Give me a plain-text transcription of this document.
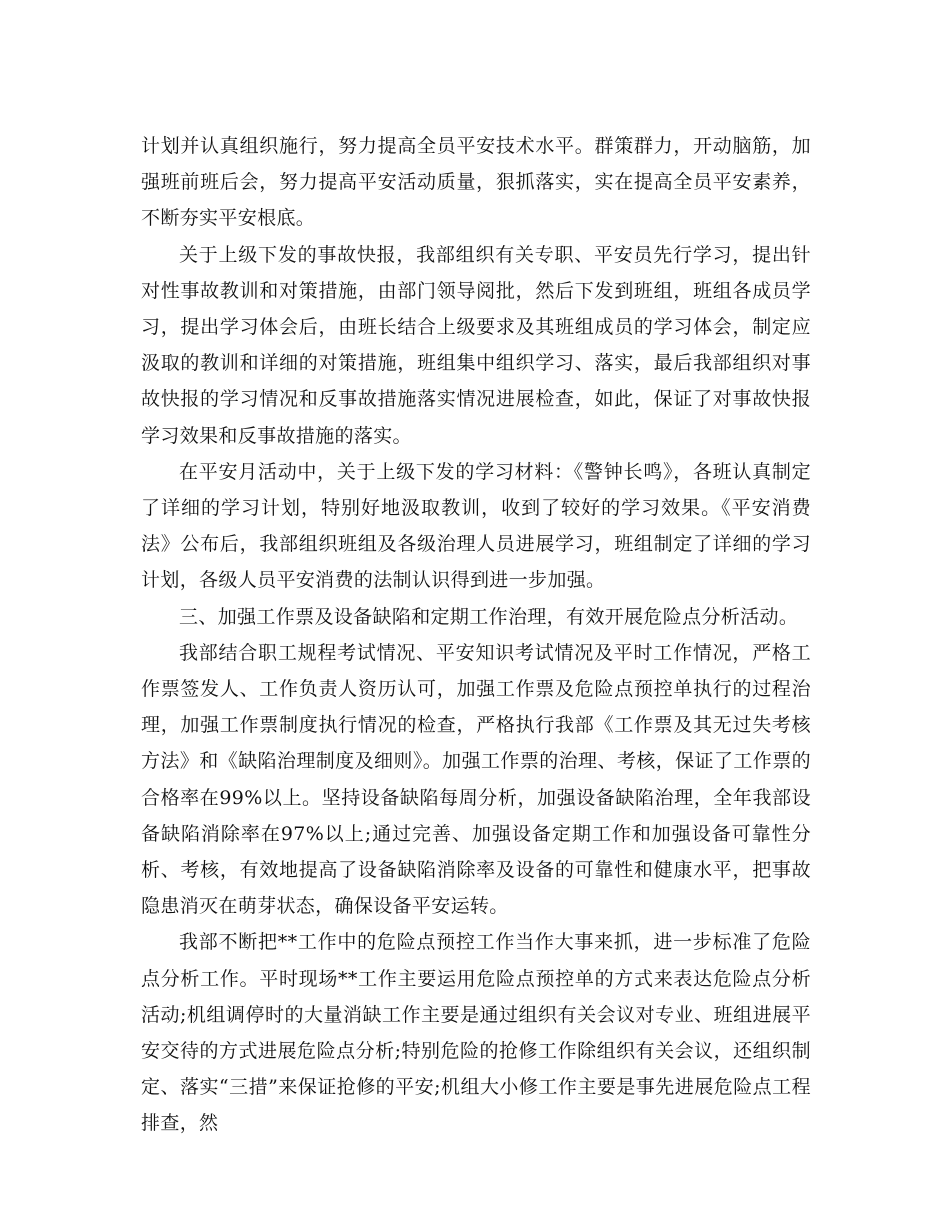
计划并认真组织施行，努力提高全员平安技术水平。群策群力，开动脑筋，加强班前班后会，努力提高平安活动质量，狠抓落实，实在提高全员平安素养，不断夯实平安根底。

关于上级下发的事故快报，我部组织有关专职、平安员先行学习，提出针对性事故教训和对策措施，由部门领导阅批，然后下发到班组，班组各成员学习，提出学习体会后，由班长结合上级要求及其班组成员的学习体会，制定应汲取的教训和详细的对策措施，班组集中组织学习、落实，最后我部组织对事故快报的学习情况和反事故措施落实情况进展检查，如此，保证了对事故快报学习效果和反事故措施的落实。

在平安月活动中，关于上级下发的学习材料：《警钟长鸣》，各班认真制定了详细的学习计划，特别好地汲取教训，收到了较好的学习效果。《平安消费法》公布后，我部组织班组及各级治理人员进展学习，班组制定了详细的学习计划，各级人员平安消费的法制认识得到进一步加强。

三、加强工作票及设备缺陷和定期工作治理，有效开展危险点分析活动。

我部结合职工规程考试情况、平安知识考试情况及平时工作情况，严格工作票签发人、工作负责人资历认可，加强工作票及危险点预控单执行的过程治理，加强工作票制度执行情况的检查，严格执行我部《工作票及其无过失考核方法》和《缺陷治理制度及细则》。加强工作票的治理、考核，保证了工作票的合格率在99%以上。坚持设备缺陷每周分析，加强设备缺陷治理，全年我部设备缺陷消除率在97%以上;通过完善、加强设备定期工作和加强设备可靠性分析、考核，有效地提高了设备缺陷消除率及设备的可靠性和健康水平，把事故隐患消灭在萌芽状态，确保设备平安运转。

我部不断把**工作中的危险点预控工作当作大事来抓，进一步标准了危险点分析工作。平时现场**工作主要运用危险点预控单的方式来表达危险点分析活动;机组调停时的大量消缺工作主要是通过组织有关会议对专业、班组进展平安交待的方式进展危险点分析;特别危险的抢修工作除组织有关会议，还组织制定、落实“三措”来保证抢修的平安;机组大小修工作主要是事先进展危险点工程排查，然
